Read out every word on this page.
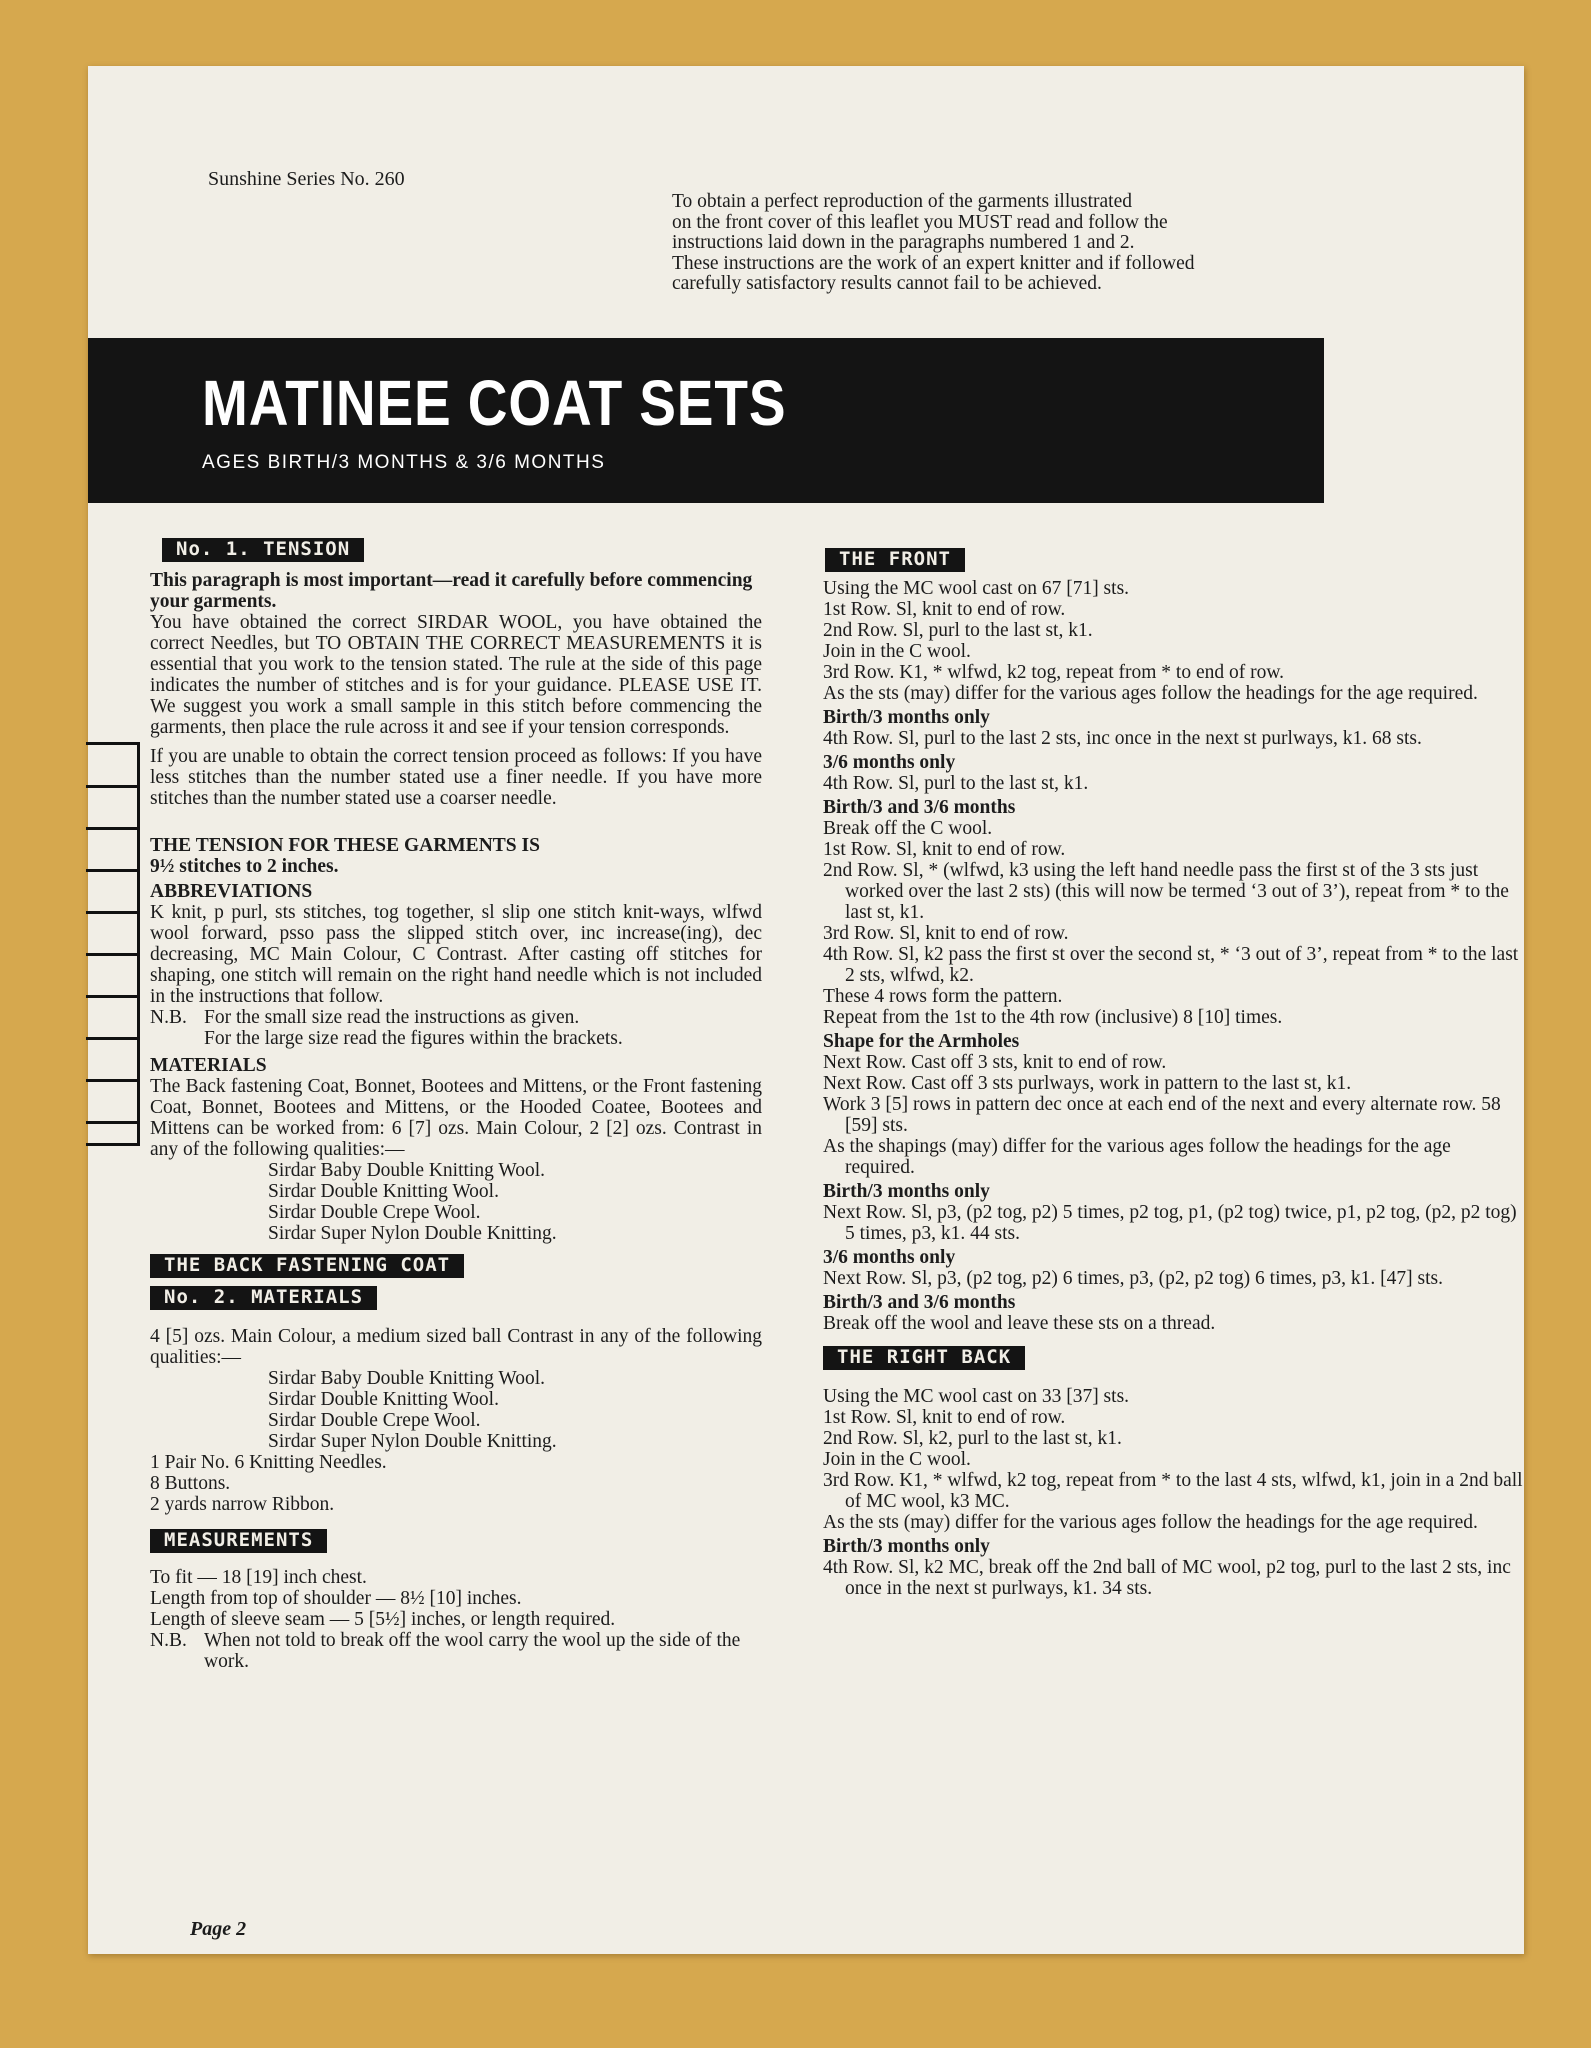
Sunshine Series No. 260
To obtain a perfect reproduction of the garments illustrated
on the front cover of this leaflet you MUST read and follow the
instructions laid down in the paragraphs numbered 1 and 2.
These instructions are the work of an expert knitter and if followed
carefully satisfactory results cannot fail to be achieved.
MATINEE COAT SETS
AGES BIRTH/3 MONTHS & 3/6 MONTHS
No. 1. TENSION
This paragraph is most important—read it carefully before commencing your garments.
You have obtained the correct SIRDAR WOOL, you have obtained the correct Needles, but TO OBTAIN THE CORRECT MEASUREMENTS it is essential that you work to the tension stated. The rule at the side of this page indicates the number of stitches and is for your guidance. PLEASE USE IT. We suggest you work a small sample in this stitch before commencing the garments, then place the rule across it and see if your tension corresponds.
If you are unable to obtain the correct tension proceed as follows: If you have less stitches than the number stated use a finer needle. If you have more stitches than the number stated use a coarser needle.
THE TENSION FOR THESE GARMENTS IS
9½ stitches to 2 inches.
ABBREVIATIONS
K knit, p purl, sts stitches, tog together, sl slip one stitch knit-ways, wlfwd wool forward, psso pass the slipped stitch over, inc increase(ing), dec decreasing, MC Main Colour, C Contrast. After casting off stitches for shaping, one stitch will remain on the right hand needle which is not included in the instructions that follow.
N.B. For the small size read the instructions as given.
For the large size read the figures within the brackets.
MATERIALS
The Back fastening Coat, Bonnet, Bootees and Mittens, or the Front fastening Coat, Bonnet, Bootees and Mittens, or the Hooded Coatee, Bootees and Mittens can be worked from: 6 [7] ozs. Main Colour, 2 [2] ozs. Contrast in any of the following qualities:—
Sirdar Baby Double Knitting Wool.
Sirdar Double Knitting Wool.
Sirdar Double Crepe Wool.
Sirdar Super Nylon Double Knitting.
THE BACK FASTENING COAT
No. 2. MATERIALS
4 [5] ozs. Main Colour, a medium sized ball Contrast in any of the following qualities:—
Sirdar Baby Double Knitting Wool.
Sirdar Double Knitting Wool.
Sirdar Double Crepe Wool.
Sirdar Super Nylon Double Knitting.
1 Pair No. 6 Knitting Needles.
8 Buttons.
2 yards narrow Ribbon.
MEASUREMENTS
To fit — 18 [19] inch chest.
Length from top of shoulder — 8½ [10] inches.
Length of sleeve seam — 5 [5½] inches, or length required.
N.B. When not told to break off the wool carry the wool up the side of the work.
THE FRONT
Using the MC wool cast on 67 [71] sts.
1st Row. Sl, knit to end of row.
2nd Row. Sl, purl to the last st, k1.
Join in the C wool.
3rd Row. K1, * wlfwd, k2 tog, repeat from * to end of row.
As the sts (may) differ for the various ages follow the headings for the age required.
Birth/3 months only
4th Row. Sl, purl to the last 2 sts, inc once in the next st purlways, k1. 68 sts.
3/6 months only
4th Row. Sl, purl to the last st, k1.
Birth/3 and 3/6 months
Break off the C wool.
1st Row. Sl, knit to end of row.
2nd Row. Sl, * (wlfwd, k3 using the left hand needle pass the first st of the 3 sts just worked over the last 2 sts) (this will now be termed ‘3 out of 3’), repeat from * to the last st, k1.
3rd Row. Sl, knit to end of row.
4th Row. Sl, k2 pass the first st over the second st, * ‘3 out of 3’, repeat from * to the last 2 sts, wlfwd, k2.
These 4 rows form the pattern.
Repeat from the 1st to the 4th row (inclusive) 8 [10] times.
Shape for the Armholes
Next Row. Cast off 3 sts, knit to end of row.
Next Row. Cast off 3 sts purlways, work in pattern to the last st, k1.
Work 3 [5] rows in pattern dec once at each end of the next and every alternate row. 58 [59] sts.
As the shapings (may) differ for the various ages follow the headings for the age required.
Birth/3 months only
Next Row. Sl, p3, (p2 tog, p2) 5 times, p2 tog, p1, (p2 tog) twice, p1, p2 tog, (p2, p2 tog) 5 times, p3, k1. 44 sts.
3/6 months only
Next Row. Sl, p3, (p2 tog, p2) 6 times, p3, (p2, p2 tog) 6 times, p3, k1. [47] sts.
Birth/3 and 3/6 months
Break off the wool and leave these sts on a thread.
THE RIGHT BACK
Using the MC wool cast on 33 [37] sts.
1st Row. Sl, knit to end of row.
2nd Row. Sl, k2, purl to the last st, k1.
Join in the C wool.
3rd Row. K1, * wlfwd, k2 tog, repeat from * to the last 4 sts, wlfwd, k1, join in a 2nd ball of MC wool, k3 MC.
As the sts (may) differ for the various ages follow the headings for the age required.
Birth/3 months only
4th Row. Sl, k2 MC, break off the 2nd ball of MC wool, p2 tog, purl to the last 2 sts, inc once in the next st purlways, k1. 34 sts.
Page 2
